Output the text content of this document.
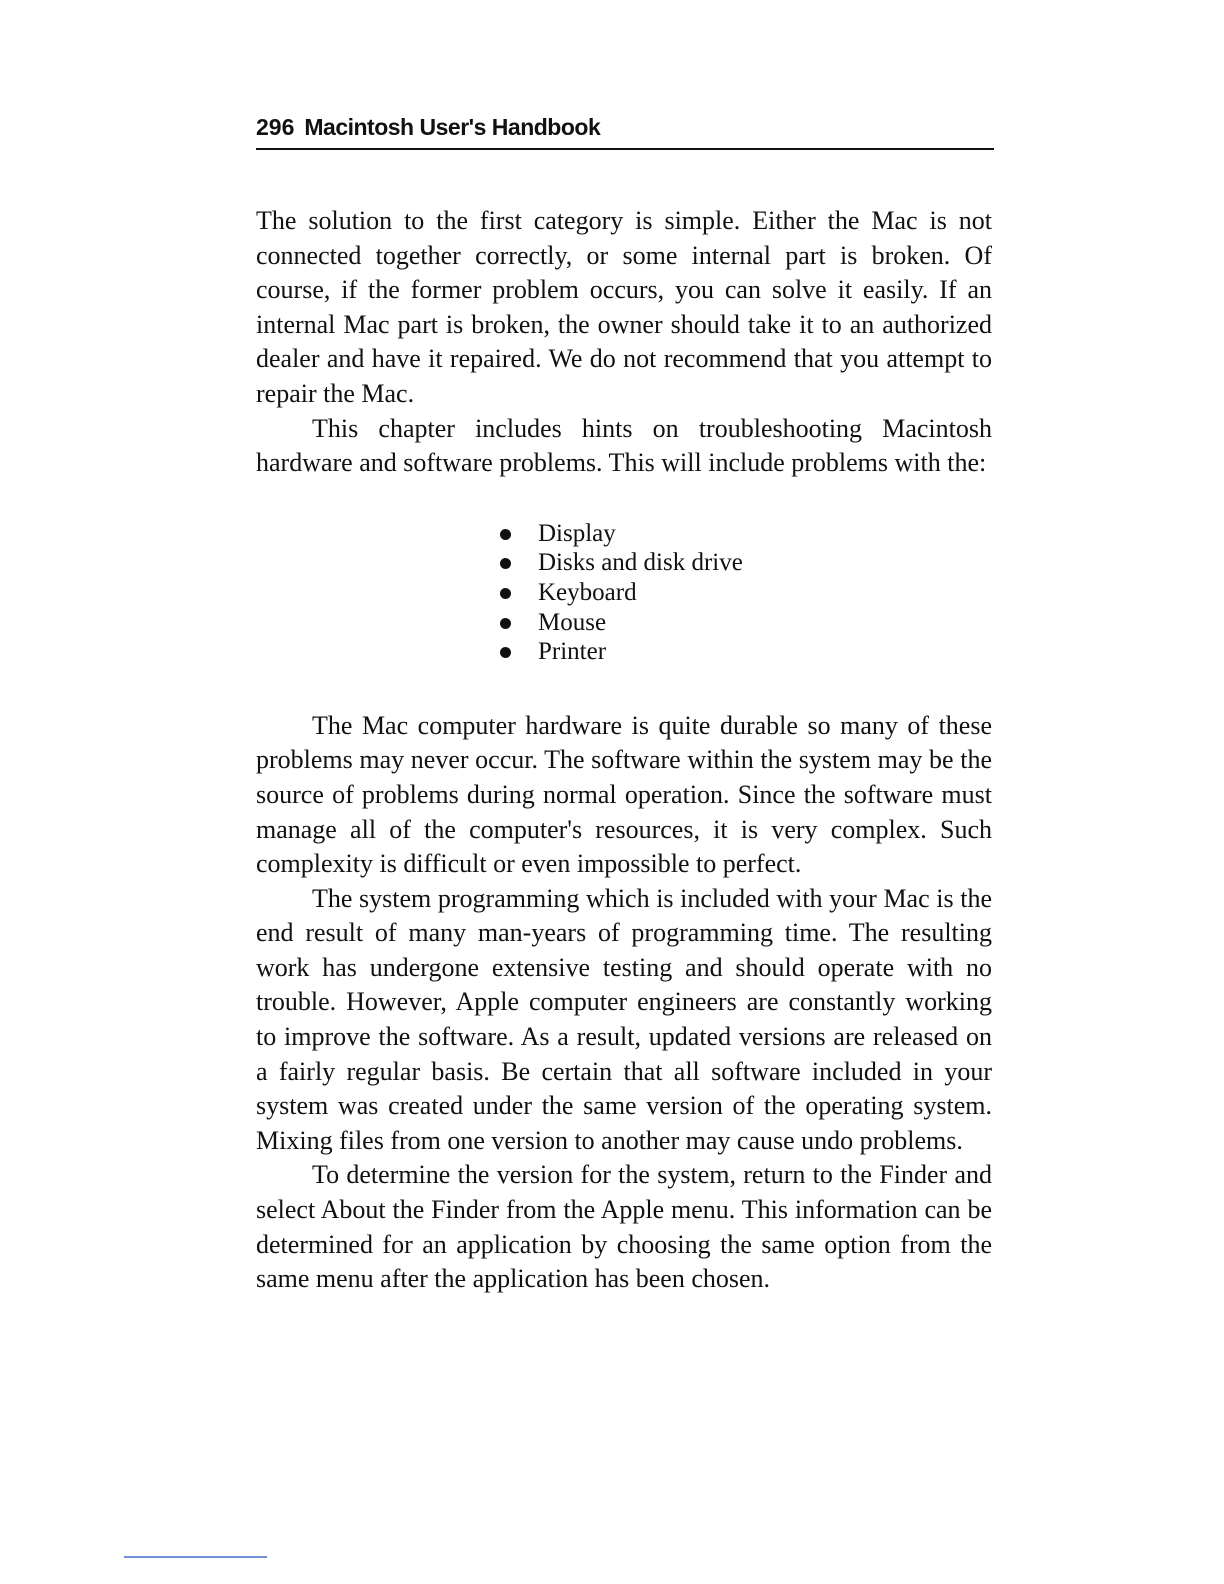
296 Macintosh User's Handbook

The solution to the first category is simple. Either the Mac is not connected together correctly, or some internal part is broken. Of course, if the former problem occurs, you can solve it easily. If an internal Mac part is broken, the owner should take it to an authorized dealer and have it repaired. We do not recommend that you attempt to repair the Mac.

This chapter includes hints on troubleshooting Macintosh hardware and software problems. This will include problems with the:

Display
Disks and disk drive
Keyboard
Mouse
Printer

The Mac computer hardware is quite durable so many of these problems may never occur. The software within the system may be the source of problems during normal operation. Since the software must manage all of the computer's resources, it is very complex. Such complexity is difficult or even impossible to perfect.

The system programming which is included with your Mac is the end result of many man-years of programming time. The resulting work has undergone extensive testing and should operate with no trouble. However, Apple computer engineers are constantly working to improve the software. As a result, updated versions are released on a fairly regular basis. Be certain that all software included in your system was created under the same version of the operating system. Mixing files from one version to another may cause undo problems.

To determine the version for the system, return to the Finder and select About the Finder from the Apple menu. This information can be determined for an application by choosing the same option from the same menu after the application has been chosen.
